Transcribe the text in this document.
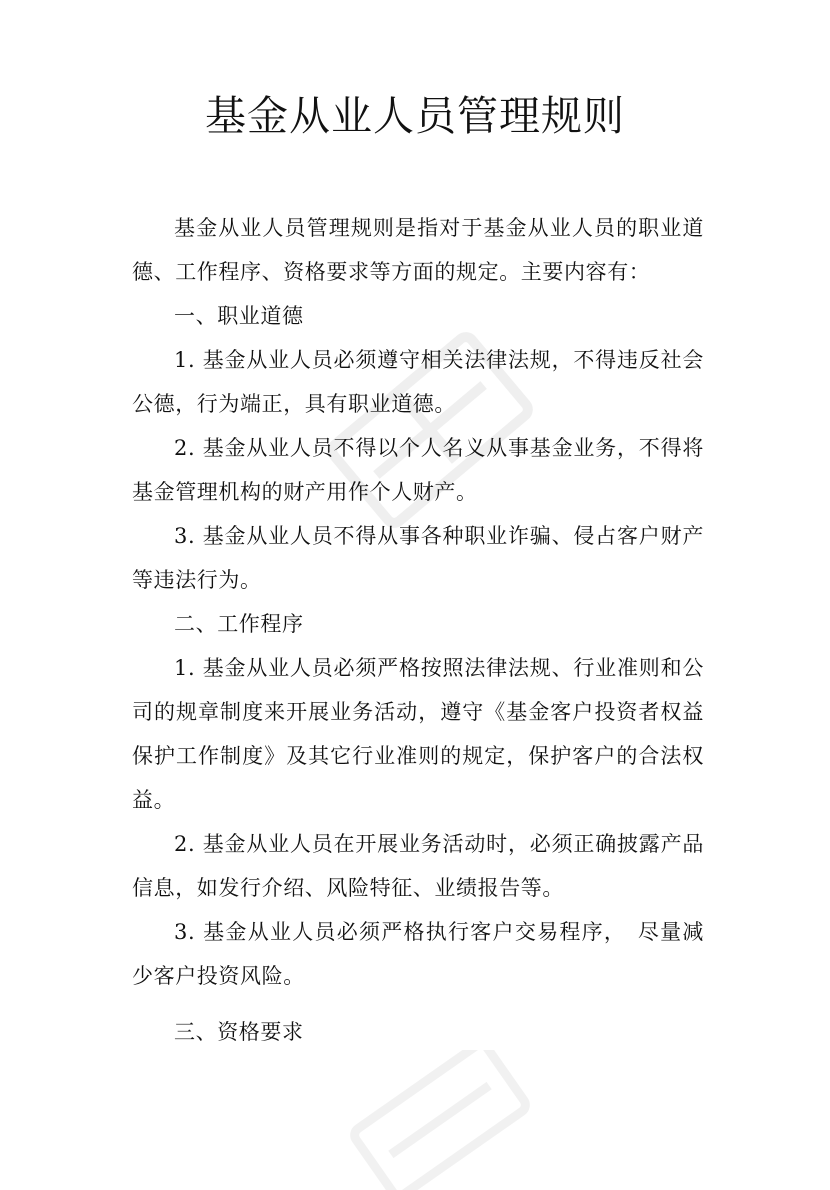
基金从业人员管理规则

基金从业人员管理规则是指对于基金从业人员的职业道德、工作程序、资格要求等方面的规定。主要内容有：

一、职业道德

1. 基金从业人员必须遵守相关法律法规，不得违反社会公德，行为端正，具有职业道德。

2. 基金从业人员不得以个人名义从事基金业务，不得将基金管理机构的财产用作个人财产。

3. 基金从业人员不得从事各种职业诈骗、侵占客户财产等违法行为。

二、工作程序

1. 基金从业人员必须严格按照法律法规、行业准则和公司的规章制度来开展业务活动，遵守《基金客户投资者权益保护工作制度》及其它行业准则的规定，保护客户的合法权益。

2. 基金从业人员在开展业务活动时，必须正确披露产品信息，如发行介绍、风险特征、业绩报告等。

3. 基金从业人员必须严格执行客户交易程序，　尽量减少客户投资风险。

三、资格要求
